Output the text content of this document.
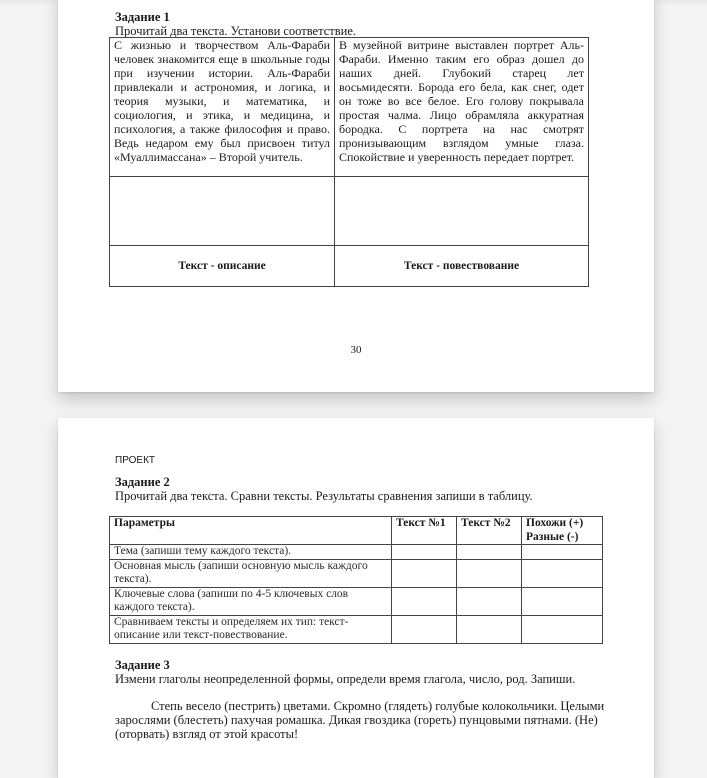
Задание 1
Прочитай два текста. Установи соответствие.
С жизнью и творчеством Аль-Фараби человек знакомится еще в школьные годы при изучении истории. Аль-Фараби привлекали и астрономия, и логика, и теория музыки, и математика, и социология, и этика, и медицина, и психология, а также философия и право. Ведь недаром ему был присвоен титул «Муаллимассана» – Второй учитель.	В музейной витрине выставлен портрет Аль-Фараби. Именно таким его образ дошел до наших дней. Глубокий старец лет восьмидесяти. Борода его бела, как снег, одет он тоже во все белое. Его голову покрывала простая чалма. Лицо обрамляла аккуратная бородка. С портрета на нас смотрят пронизывающим взглядом умные глаза. Спокойствие и уверенность передает портрет.

Текст - описание	Текст - повествование
30
ПРОЕКТ
Задание 2
Прочитай два текста. Сравни тексты. Результаты сравнения запиши в таблицу.
Параметры	Текст №1	Текст №2	Похожи (+)
Разные (-)

Тема (запиши тему каждого текста).			
Основная мысль (запиши основную мысль каждого текста).			
Ключевые слова (запиши по 4-5 ключевых слов каждого текста).			
Сравниваем тексты и определяем их тип: текст-описание или текст-повествование.			
Задание 3
Измени глаголы неопределенной формы, определи время глагола, число, род. Запиши.
Степь весело (пестрить) цветами. Скромно (глядеть) голубые колокольчики. Целыми зарослями (блестеть) пахучая ромашка. Дикая гвоздика (гореть) пунцовыми пятнами. (Не) (оторвать) взгляд от этой красоты!
